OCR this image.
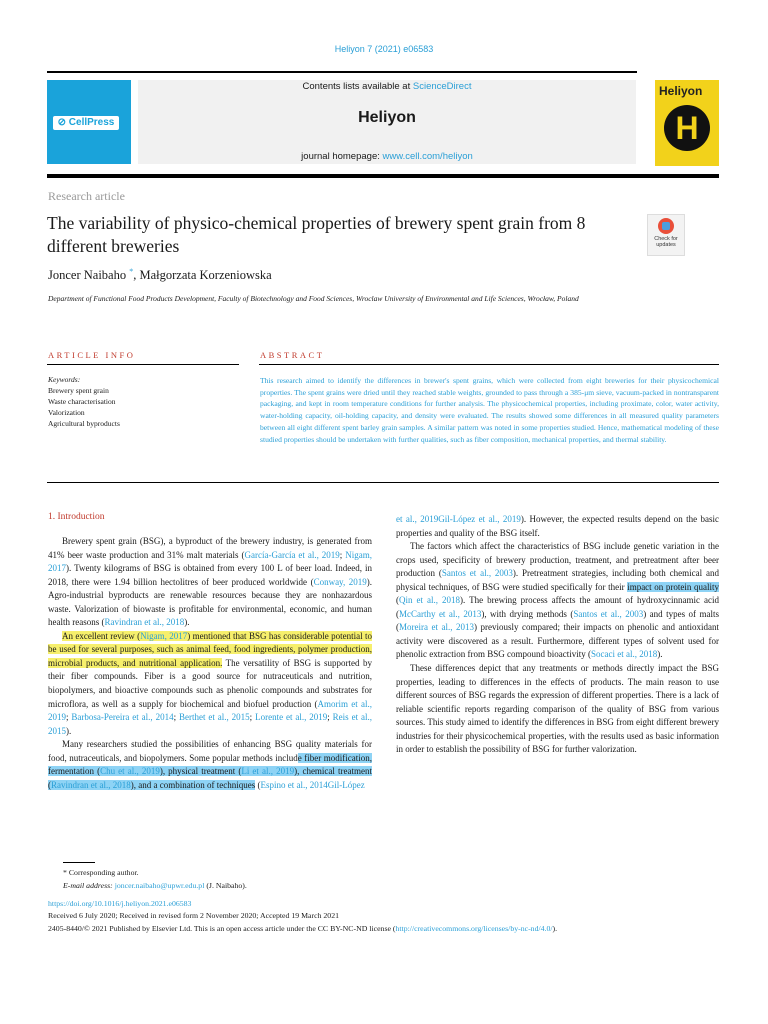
Heliyon 7 (2021) e06583
⊘ CellPress
Contents lists available at ScienceDirect
Heliyon
journal homepage: www.cell.com/heliyon
Heliyon
H
Research article
The variability of physico-chemical properties of brewery spent grain from 8 different breweries	Check for updates
Joncer Naibaho *, Małgorzata Korzeniowska
Department of Functional Food Products Development, Faculty of Biotechnology and Food Sciences, Wroclaw University of Environmental and Life Sciences, Wrocław, Poland
ARTICLE INFO	ABSTRACT
Keywords:
Brewery spent grain
Waste characterisation
Valorization
Agricultural byproducts
This research aimed to identify the differences in brewer's spent grains, which were collected from eight breweries for their physicochemical properties. The spent grains were dried until they reached stable weights, grounded to pass through a 385-μm sieve, vacuum-packed in nontransparent packaging, and kept in room temperature conditions for further analysis. The physicochemical properties, including proximate, color, water activity, water-holding capacity, oil-holding capacity, and density were evaluated. The results showed some differences in all measured quality parameters between all eight different spent barley grain samples. A similar pattern was noted in some properties studied. Hence, mathematical modeling of these studied properties should be undertaken with further qualities, such as fiber composition, mechanical properties, and thermal stability.
1. Introduction

Brewery spent grain (BSG), a byproduct of the brewery industry, is generated from 41% beer waste production and 31% malt materials (García-García et al., 2019; Nigam, 2017). Twenty kilograms of BSG is obtained from every 100 L of beer load. Indeed, in 2018, there were 1.94 billion hectolitres of beer produced worldwide (Conway, 2019). Agro-industrial byproducts are renewable resources because they are nonhazardous waste. Valorization of biowaste is profitable for environmental, economic, and human health reasons (Ravindran et al., 2018).

An excellent review (Nigam, 2017) mentioned that BSG has considerable potential to be used for several purposes, such as animal feed, food ingredients, polymer production, microbial products, and nutritional application. The versatility of BSG is supported by their fiber compounds. Fiber is a good source for nutraceuticals and nutrition, biopolymers, and bioactive compounds such as phenolic compounds and substrates for microflora, as well as a supply for biochemical and biofuel production (Amorim et al., 2019; Barbosa-Pereira et al., 2014; Berthet et al., 2015; Lorente et al., 2019; Reis et al., 2015).

Many researchers studied the possibilities of enhancing BSG quality materials for food, nutraceuticals, and biopolymers. Some popular methods include fiber modification, fermentation (Chu et al., 2019), physical treatment (Li et al., 2019), chemical treatment (Ravindran et al., 2018), and a combination of techniques (Espino et al., 2014Gil-López

et al., 2019Gil-López et al., 2019). However, the expected results depend on the basic properties and quality of the BSG itself.

The factors which affect the characteristics of BSG include genetic variation in the crops used, specificity of brewery production, treatment, and pretreatment after beer production (Santos et al., 2003). Pretreatment strategies, including both chemical and physical techniques, of BSG were studied specifically for their impact on protein quality (Qin et al., 2018). The brewing process affects the amount of hydroxycinnamic acid (McCarthy et al., 2013), with drying methods (Santos et al., 2003) and types of malts (Moreira et al., 2013) previously compared; their impacts on phenolic and antioxidant activity were discovered as a result. Furthermore, different types of solvent used for phenolic extraction from BSG compound bioactivity (Socaci et al., 2018).

These differences depict that any treatments or methods directly impact the BSG properties, leading to differences in the effects of products. The main reason to use different sources of BSG regards the expression of different properties. There is a lack of reliable scientific reports regarding comparison of the quality of BSG from various sources. This study aimed to identify the differences in BSG from eight different brewery industries for their physicochemical properties, with the results used as basic information in order to establish the possibility of BSG for further valorization.

* Corresponding author.
E-mail address: joncer.naibaho@upwr.edu.pl (J. Naibaho).
https://doi.org/10.1016/j.heliyon.2021.e06583
Received 6 July 2020; Received in revised form 2 November 2020; Accepted 19 March 2021
2405-8440/© 2021 Published by Elsevier Ltd. This is an open access article under the CC BY-NC-ND license (http://creativecommons.org/licenses/by-nc-nd/4.0/).
